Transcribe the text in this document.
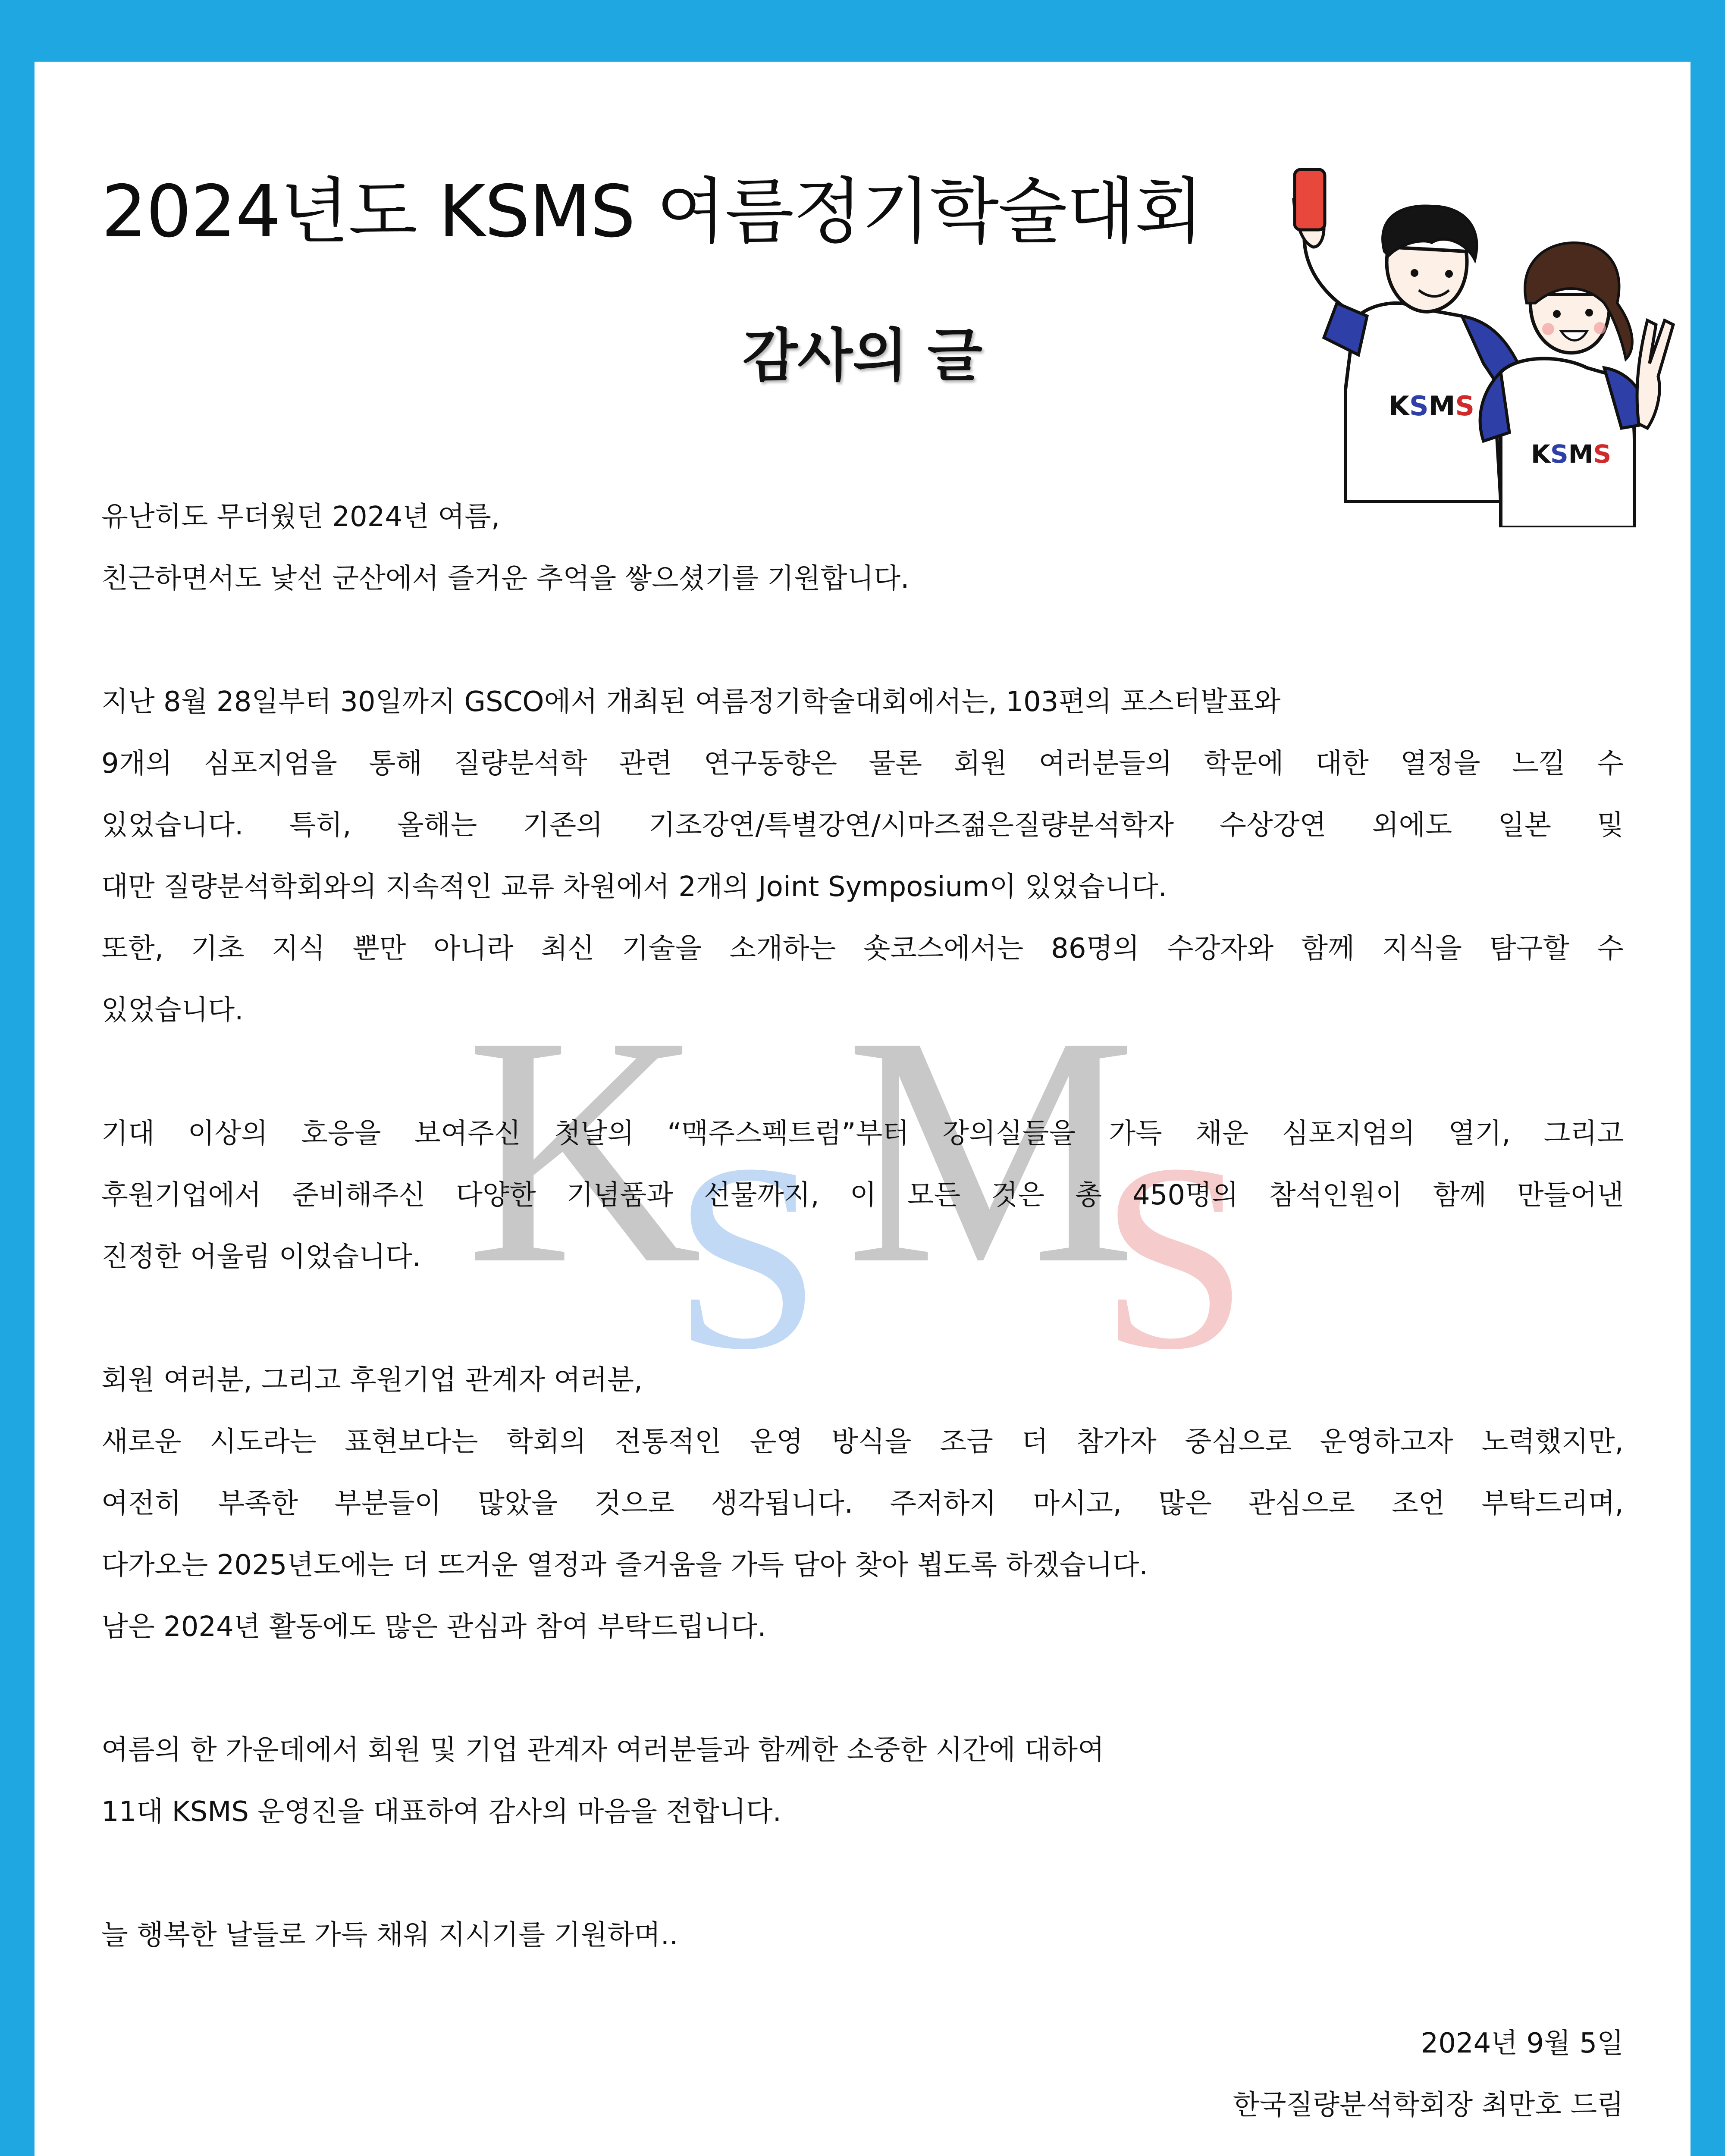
2024년도 KSMS 여름정기학술대회
KSMS
KSMS
감사의 글
K
S M
S
유난히도 무더웠던 2024년 여름,
친근하면서도 낯선 군산에서 즐거운 추억을 쌓으셨기를 기원합니다.
지난 8월 28일부터 30일까지 GSCO에서 개최된 여름정기학술대회에서는, 103편의 포스터발표와
9개의 심포지엄을 통해 질량분석학 관련 연구동향은 물론 회원 여러분들의 학문에 대한 열정을 느낄 수
있었습니다. 특히, 올해는 기존의 기조강연/특별강연/시마즈젊은질량분석학자 수상강연 외에도 일본 및
대만 질량분석학회와의 지속적인 교류 차원에서 2개의 Joint Symposium이 있었습니다.
또한, 기초 지식 뿐만 아니라 최신 기술을 소개하는 숏코스에서는 86명의 수강자와 함께 지식을 탐구할 수
있었습니다.
기대 이상의 호응을 보여주신 첫날의 “맥주스펙트럼”부터 강의실들을 가득 채운 심포지엄의 열기, 그리고
후원기업에서 준비해주신 다양한 기념품과 선물까지, 이 모든 것은 총 450명의 참석인원이 함께 만들어낸
진정한 어울림 이었습니다.
회원 여러분, 그리고 후원기업 관계자 여러분,
새로운 시도라는 표현보다는 학회의 전통적인 운영 방식을 조금 더 참가자 중심으로 운영하고자 노력했지만,
여전히 부족한 부분들이 많았을 것으로 생각됩니다. 주저하지 마시고, 많은 관심으로 조언 부탁드리며,
다가오는 2025년도에는 더 뜨거운 열정과 즐거움을 가득 담아 찾아 뵙도록 하겠습니다.
남은 2024년 활동에도 많은 관심과 참여 부탁드립니다.
여름의 한 가운데에서 회원 및 기업 관계자 여러분들과 함께한 소중한 시간에 대하여
11대 KSMS 운영진을 대표하여 감사의 마음을 전합니다.
늘 행복한 날들로 가득 채워 지시기를 기원하며..
2024년 9월 5일
한국질량분석학회장 최만호 드림
